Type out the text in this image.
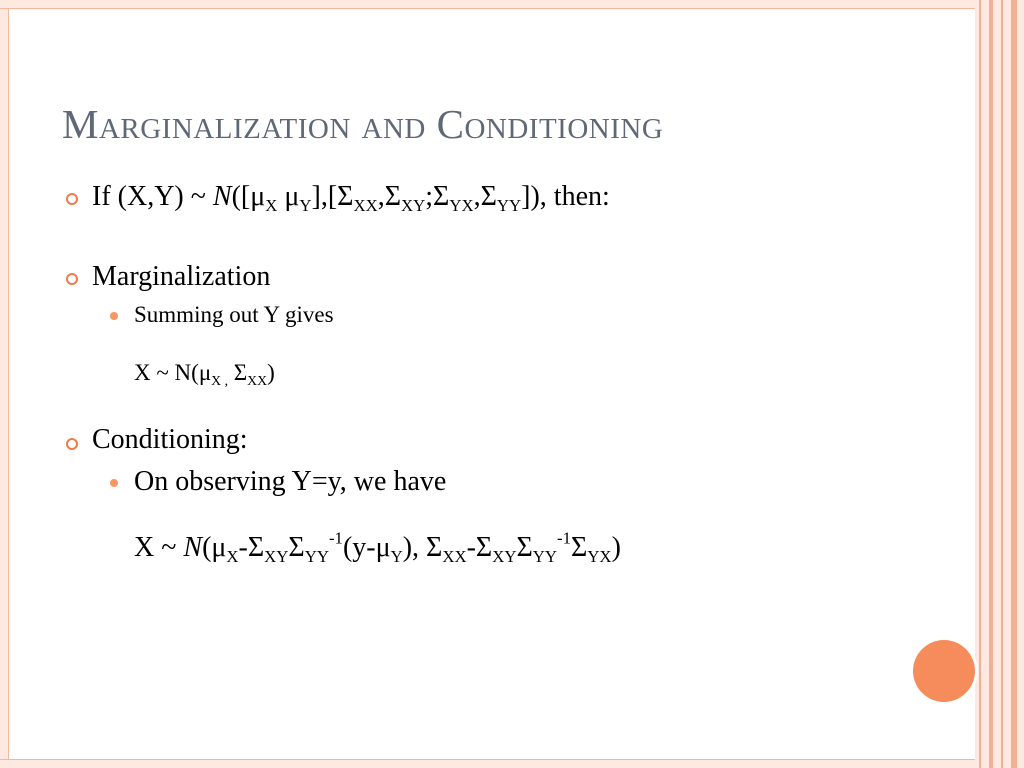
Marginalization and Conditioning
If (X,Y) ~ $N([\mu_X$ $\mu_Y],[\Sigma_{XX},\Sigma_{XY};\Sigma_{YX},\Sigma_{YY}]$), then:
Marginalization
Summing out Y gives
X ~ $N(\mu_{X ,}$ $\Sigma_{XX}$)
Conditioning:
On observing Y=y, we have
X ~ $N(\mu_X-\Sigma_{XY}\Sigma_{YY}^{-1}(y-\mu_Y)$, $\Sigma_{XX}-\Sigma_{XY}\Sigma_{YY}^{-1}\Sigma_{YX}$)
